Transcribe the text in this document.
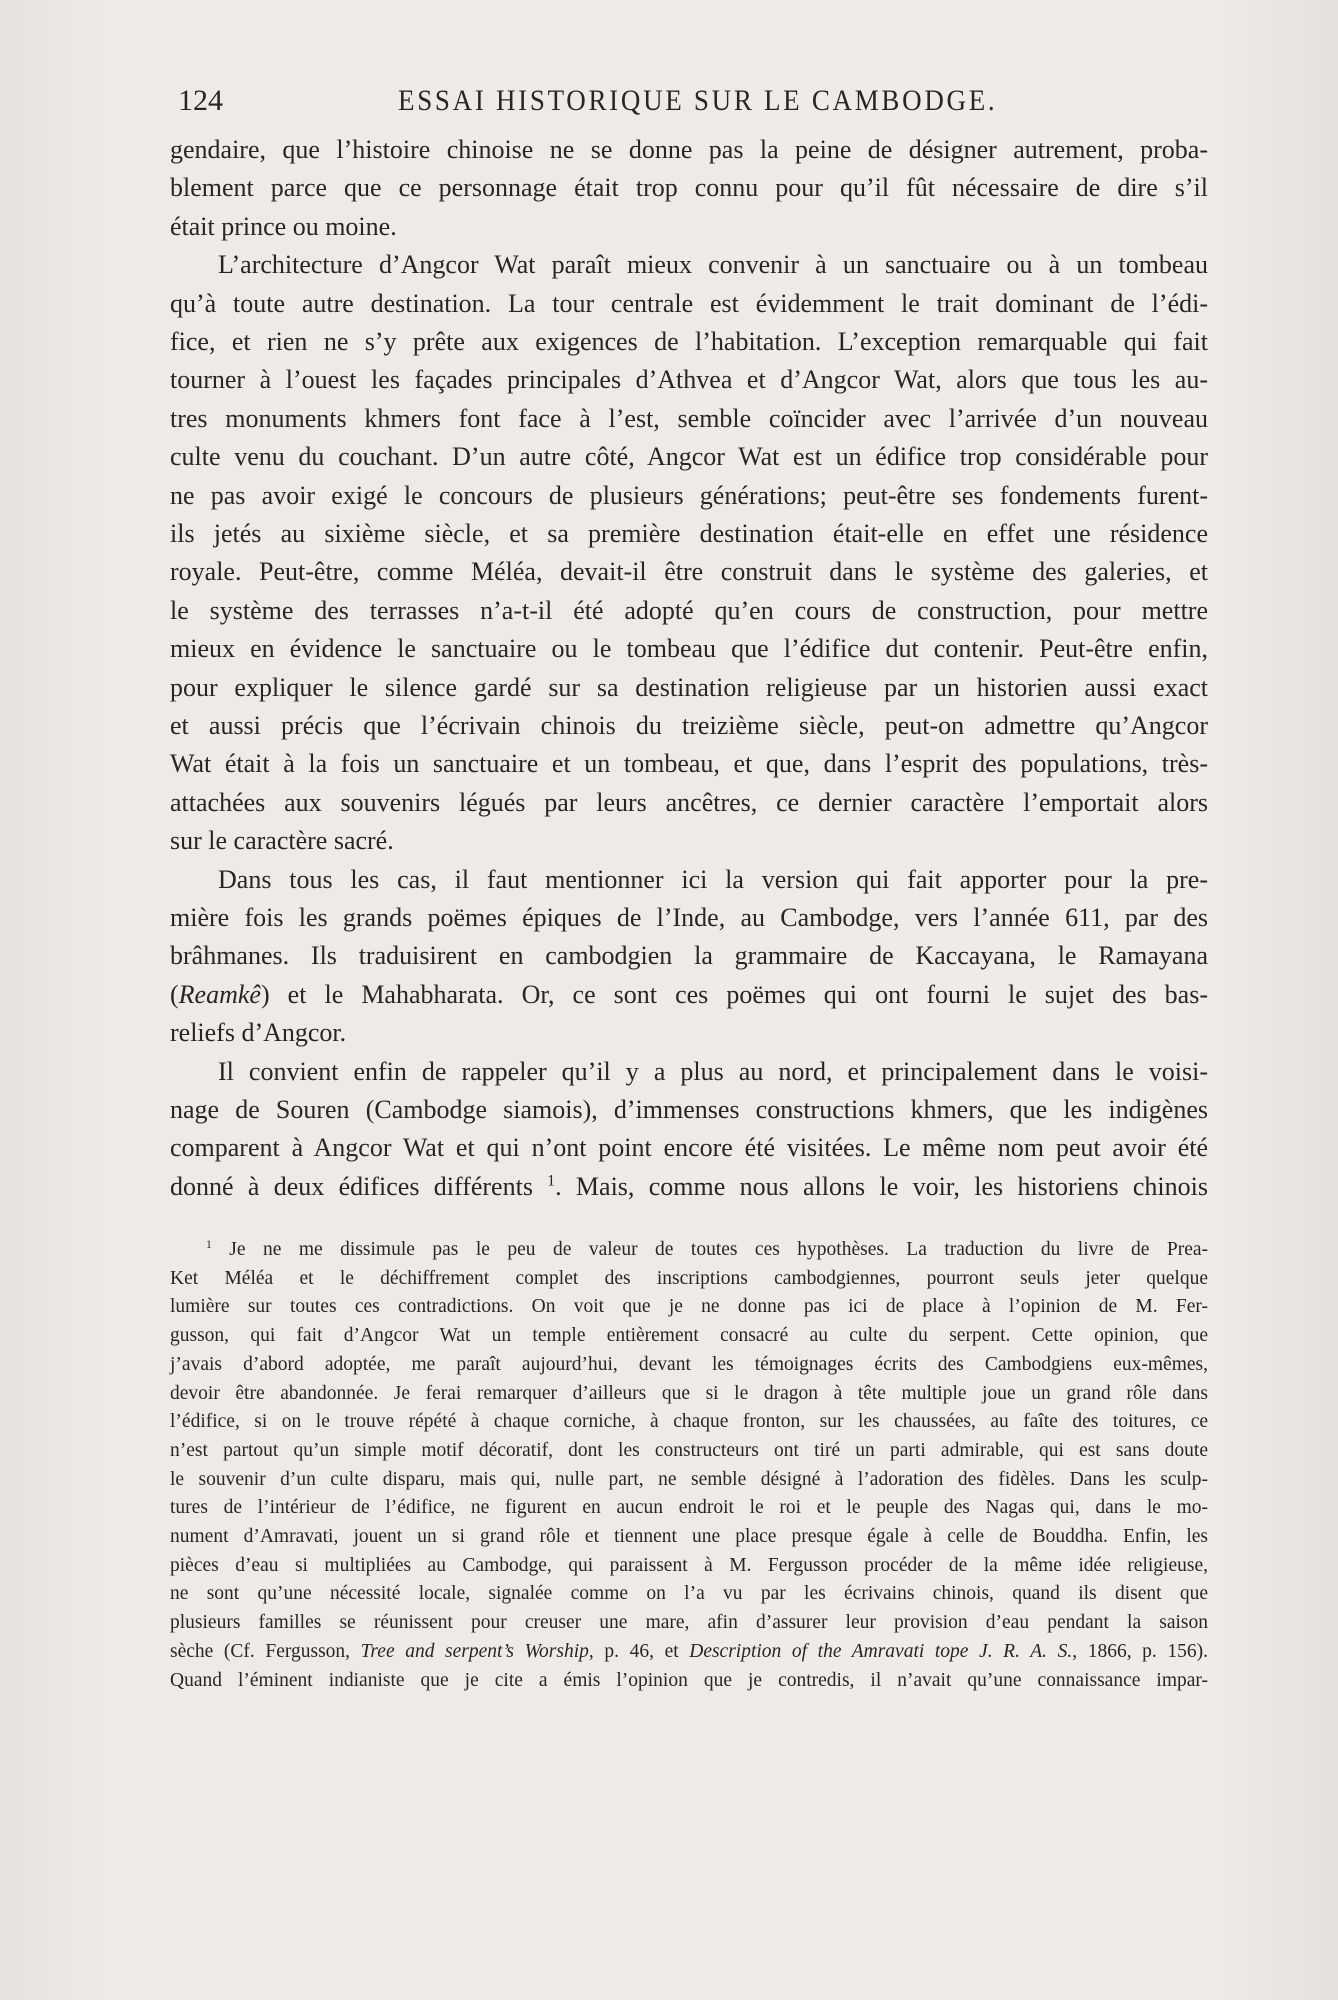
124	ESSAI HISTORIQUE SUR LE CAMBODGE.
gendaire, que l’histoire chinoise ne se donne pas la peine de désigner autrement, proba-
blement parce que ce personnage était trop connu pour qu’il fût nécessaire de dire s’il
était prince ou moine.
L’architecture d’Angcor Wat paraît mieux convenir à un sanctuaire ou à un tombeau
qu’à toute autre destination. La tour centrale est évidemment le trait dominant de l’édi-
fice, et rien ne s’y prête aux exigences de l’habitation. L’exception remarquable qui fait
tourner à l’ouest les façades principales d’Athvea et d’Angcor Wat, alors que tous les au-
tres monuments khmers font face à l’est, semble coïncider avec l’arrivée d’un nouveau
culte venu du couchant. D’un autre côté, Angcor Wat est un édifice trop considérable pour
ne pas avoir exigé le concours de plusieurs générations; peut-être ses fondements furent-
ils jetés au sixième siècle, et sa première destination était-elle en effet une résidence
royale. Peut-être, comme Méléa, devait-il être construit dans le système des galeries, et
le système des terrasses n’a-t-il été adopté qu’en cours de construction, pour mettre
mieux en évidence le sanctuaire ou le tombeau que l’édifice dut contenir. Peut-être enfin,
pour expliquer le silence gardé sur sa destination religieuse par un historien aussi exact
et aussi précis que l’écrivain chinois du treizième siècle, peut-on admettre qu’Angcor
Wat était à la fois un sanctuaire et un tombeau, et que, dans l’esprit des populations, très-
attachées aux souvenirs légués par leurs ancêtres, ce dernier caractère l’emportait alors
sur le caractère sacré.
Dans tous les cas, il faut mentionner ici la version qui fait apporter pour la pre-
mière fois les grands poëmes épiques de l’Inde, au Cambodge, vers l’année 611, par des
brâhmanes. Ils traduisirent en cambodgien la grammaire de Kaccayana, le Ramayana
(Reamkê) et le Mahabharata. Or, ce sont ces poëmes qui ont fourni le sujet des bas-
reliefs d’Angcor.
Il convient enfin de rappeler qu’il y a plus au nord, et principalement dans le voisi-
nage de Souren (Cambodge siamois), d’immenses constructions khmers, que les indigènes
comparent à Angcor Wat et qui n’ont point encore été visitées. Le même nom peut avoir été
donné à deux édifices différents $^1$. Mais, comme nous allons le voir, les historiens chinois
$^1$ Je ne me dissimule pas le peu de valeur de toutes ces hypothèses. La traduction du livre de Prea-
Ket Méléa et le déchiffrement complet des inscriptions cambodgiennes, pourront seuls jeter quelque
lumière sur toutes ces contradictions. On voit que je ne donne pas ici de place à l’opinion de M. Fer-
gusson, qui fait d’Angcor Wat un temple entièrement consacré au culte du serpent. Cette opinion, que
j’avais d’abord adoptée, me paraît aujourd’hui, devant les témoignages écrits des Cambodgiens eux-mêmes,
devoir être abandonnée. Je ferai remarquer d’ailleurs que si le dragon à tête multiple joue un grand rôle dans
l’édifice, si on le trouve répété à chaque corniche, à chaque fronton, sur les chaussées, au faîte des toitures, ce
n’est partout qu’un simple motif décoratif, dont les constructeurs ont tiré un parti admirable, qui est sans doute
le souvenir d’un culte disparu, mais qui, nulle part, ne semble désigné à l’adoration des fidèles. Dans les sculp-
tures de l’intérieur de l’édifice, ne figurent en aucun endroit le roi et le peuple des Nagas qui, dans le mo-
nument d’Amravati, jouent un si grand rôle et tiennent une place presque égale à celle de Bouddha. Enfin, les
pièces d’eau si multipliées au Cambodge, qui paraissent à M. Fergusson procéder de la même idée religieuse,
ne sont qu’une nécessité locale, signalée comme on l’a vu par les écrivains chinois, quand ils disent que
plusieurs familles se réunissent pour creuser une mare, afin d’assurer leur provision d’eau pendant la saison
sèche (Cf. Fergusson, Tree and serpent’s Worship, p. 46, et Description of the Amravati tope J. R. A. S., 1866, p. 156).
Quand l’éminent indianiste que je cite a émis l’opinion que je contredis, il n’avait qu’une connaissance impar-
